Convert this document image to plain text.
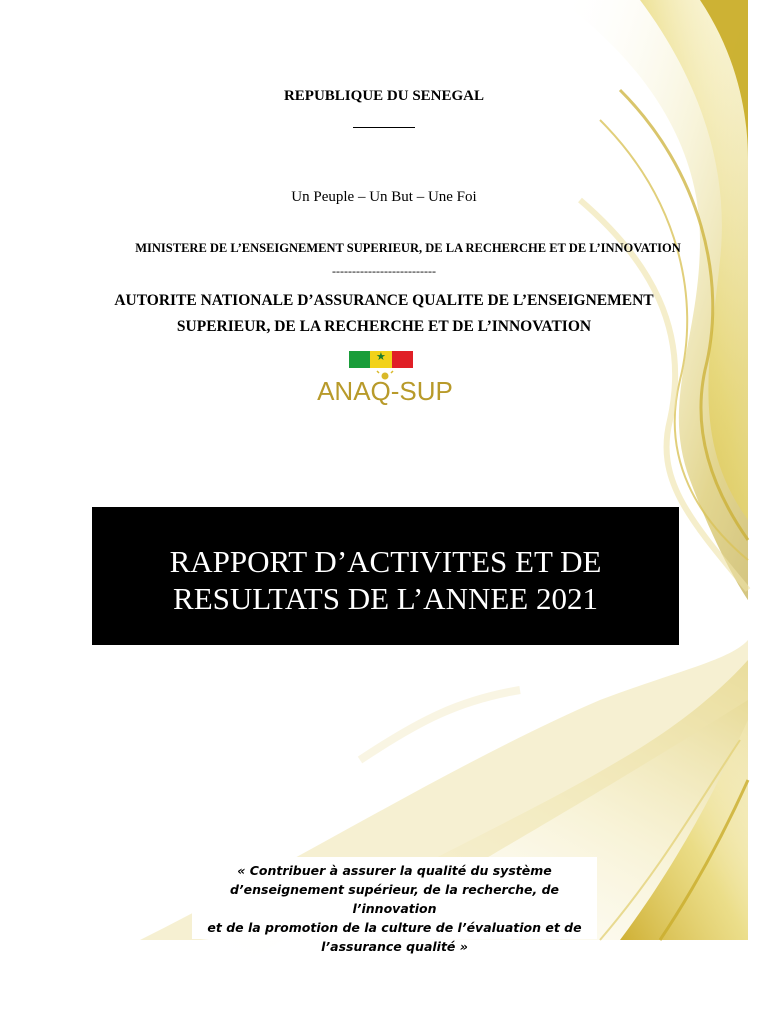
REPUBLIQUE DU SENEGAL
Un Peuple – Un But – Une Foi
MINISTERE DE L’ENSEIGNEMENT SUPERIEUR, DE LA RECHERCHE ET DE L’INNOVATION
--------------------------
AUTORITE NATIONALE D’ASSURANCE QUALITE DE L’ENSEIGNEMENT
SUPERIEUR, DE LA RECHERCHE ET DE L’INNOVATION
★
ANAQ-SUP
RAPPORT D’ACTIVITES ET DE
RESULTATS DE L’ANNEE 2021
« Contribuer à assurer la qualité du système
d’enseignement supérieur, de la recherche, de l’innovation
et de la promotion de la culture de l’évaluation et de
l’assurance qualité »
